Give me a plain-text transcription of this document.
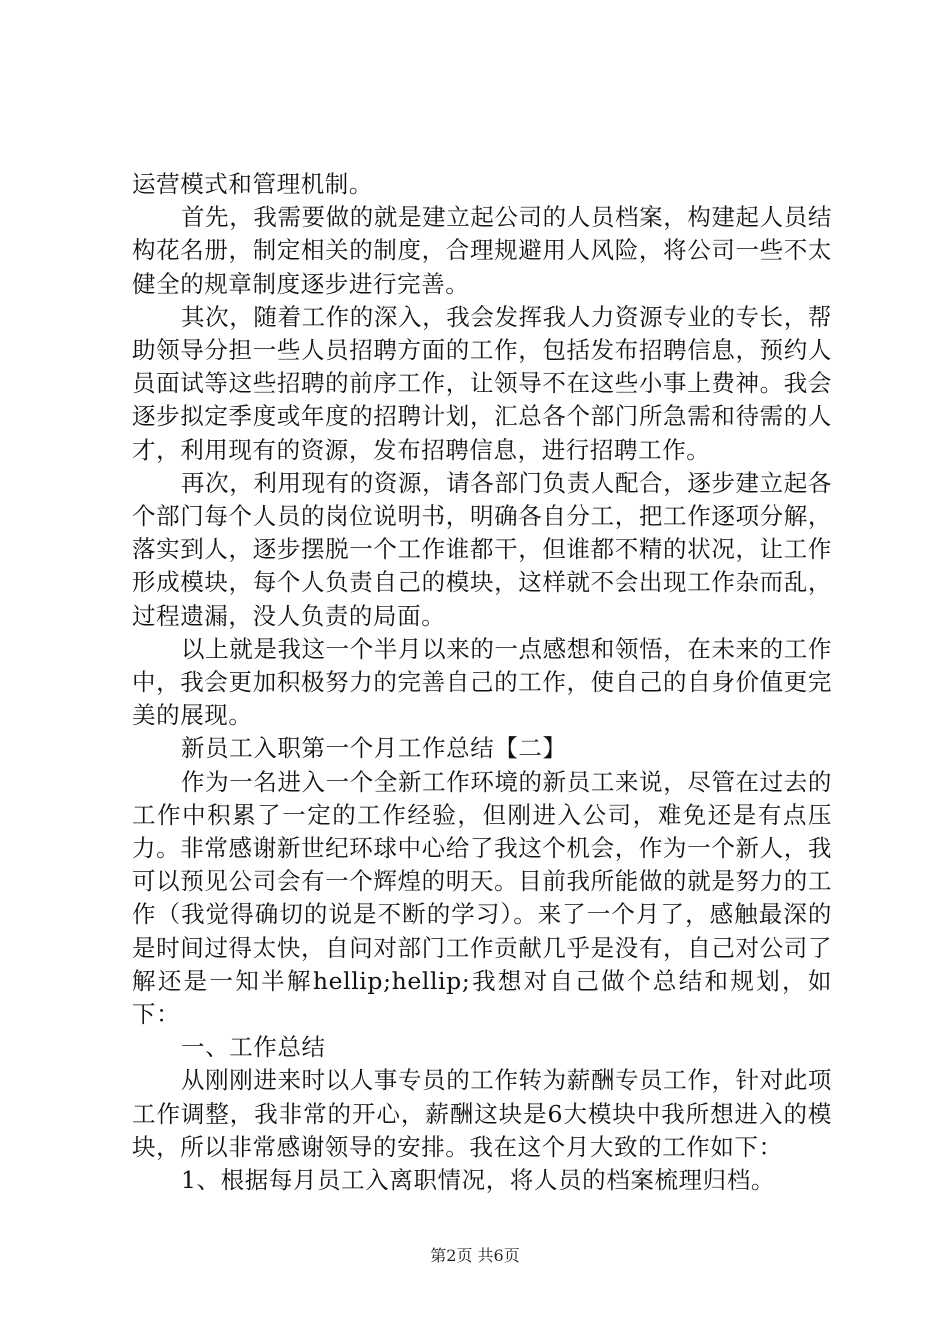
运营模式和管理机制。

首先，我需要做的就是建立起公司的人员档案，构建起人员结构花名册，制定相关的制度，合理规避用人风险，将公司一些不太健全的规章制度逐步进行完善。

其次，随着工作的深入，我会发挥我人力资源专业的专长，帮助领导分担一些人员招聘方面的工作，包括发布招聘信息，预约人员面试等这些招聘的前序工作，让领导不在这些小事上费神。我会逐步拟定季度或年度的招聘计划，汇总各个部门所急需和待需的人才，利用现有的资源，发布招聘信息，进行招聘工作。

再次，利用现有的资源，请各部门负责人配合，逐步建立起各个部门每个人员的岗位说明书，明确各自分工，把工作逐项分解，落实到人，逐步摆脱一个工作谁都干，但谁都不精的状况，让工作形成模块，每个人负责自己的模块，这样就不会出现工作杂而乱，过程遗漏，没人负责的局面。

以上就是我这一个半月以来的一点感想和领悟，在未来的工作中，我会更加积极努力的完善自己的工作，使自己的自身价值更完美的展现。

新员工入职第一个月工作总结【二】

作为一名进入一个全新工作环境的新员工来说，尽管在过去的工作中积累了一定的工作经验，但刚进入公司，难免还是有点压力。非常感谢新世纪环球中心给了我这个机会，作为一个新人，我可以预见公司会有一个辉煌的明天。目前我所能做的就是努力的工作（我觉得确切的说是不断的学习）。来了一个月了，感触最深的是时间过得太快，自问对部门工作贡献几乎是没有，自己对公司了解还是一知半解hellip;hellip;我想对自己做个总结和规划，如下：

一、工作总结

从刚刚进来时以人事专员的工作转为薪酬专员工作，针对此项工作调整，我非常的开心，薪酬这块是6大模块中我所想进入的模块，所以非常感谢领导的安排。我在这个月大致的工作如下：

1、根据每月员工入离职情况，将人员的档案梳理归档。

第2页 共6页
